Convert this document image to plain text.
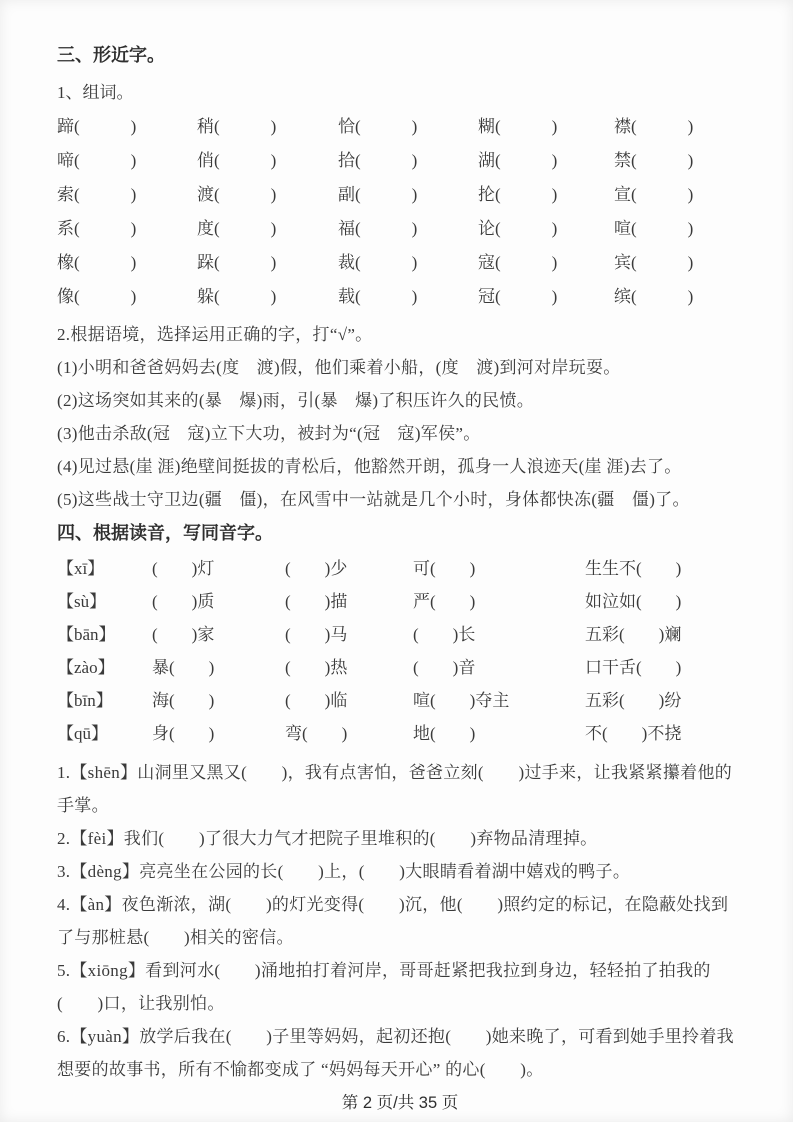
三、形近字。

1、组词。

蹄(　　　)	稍(　　　)	恰(　　　)	糊(　　　)	襟(　　　)
啼(　　　)	俏(　　　)	拾(　　　)	湖(　　　)	禁(　　　)
索(　　　)	渡(　　　)	副(　　　)	抡(　　　)	宣(　　　)
系(　　　)	度(　　　)	福(　　　)	论(　　　)	喧(　　　)
橡(　　　)	跺(　　　)	裁(　　　)	寇(　　　)	宾(　　　)
像(　　　)	躲(　　　)	载(　　　)	冠(　　　)	缤(　　　)

2.根据语境，选择运用正确的字，打“√”。

(1)小明和爸爸妈妈去(度　渡)假，他们乘着小船，(度　渡)到河对岸玩耍。

(2)这场突如其来的(暴　爆)雨，引(暴　爆)了积压许久的民愤。

(3)他击杀敌(冠　寇)立下大功，被封为“(冠　寇)军侯”。

(4)见过悬(崖 涯)绝壁间挺拔的青松后，他豁然开朗，孤身一人浪迹天(崖 涯)去了。

(5)这些战士守卫边(疆　僵)，在风雪中一站就是几个小时，身体都快冻(疆　僵)了。

四、根据读音，写同音字。

【xī】	(　　)灯	(　　)少	可(　　)	生生不(　　)
【sù】	(　　)质	(　　)描	严(　　)	如泣如(　　)
【bān】	(　　)家	(　　)马	(　　)长	五彩(　　)斓
【zào】	暴(　　)	(　　)热	(　　)音	口干舌(　　)
【bīn】	海(　　)	(　　)临	喧(　　)夺主	五彩(　　)纷
【qū】	身(　　)	弯(　　)	地(　　)	不(　　)不挠

1.【shēn】山洞里又黑又(　　)，我有点害怕，爸爸立刻(　　)过手来，让我紧紧攥着他的手掌。

2.【fèi】我们(　　)了很大力气才把院子里堆积的(　　)弃物品清理掉。

3.【dèng】亮亮坐在公园的长(　　)上，(　　)大眼睛看着湖中嬉戏的鸭子。

4.【àn】夜色渐浓，湖(　　)的灯光变得(　　)沉，他(　　)照约定的标记，在隐蔽处找到了与那桩悬(　　)相关的密信。

5.【xiōng】看到河水(　　)涌地拍打着河岸，哥哥赶紧把我拉到身边，轻轻拍了拍我的(　　)口，让我别怕。

6.【yuàn】放学后我在(　　)子里等妈妈，起初还抱(　　)她来晚了，可看到她手里拎着我想要的故事书，所有不愉都变成了 “妈妈每天开心” 的心(　　)。

第 2 页/共 35 页
